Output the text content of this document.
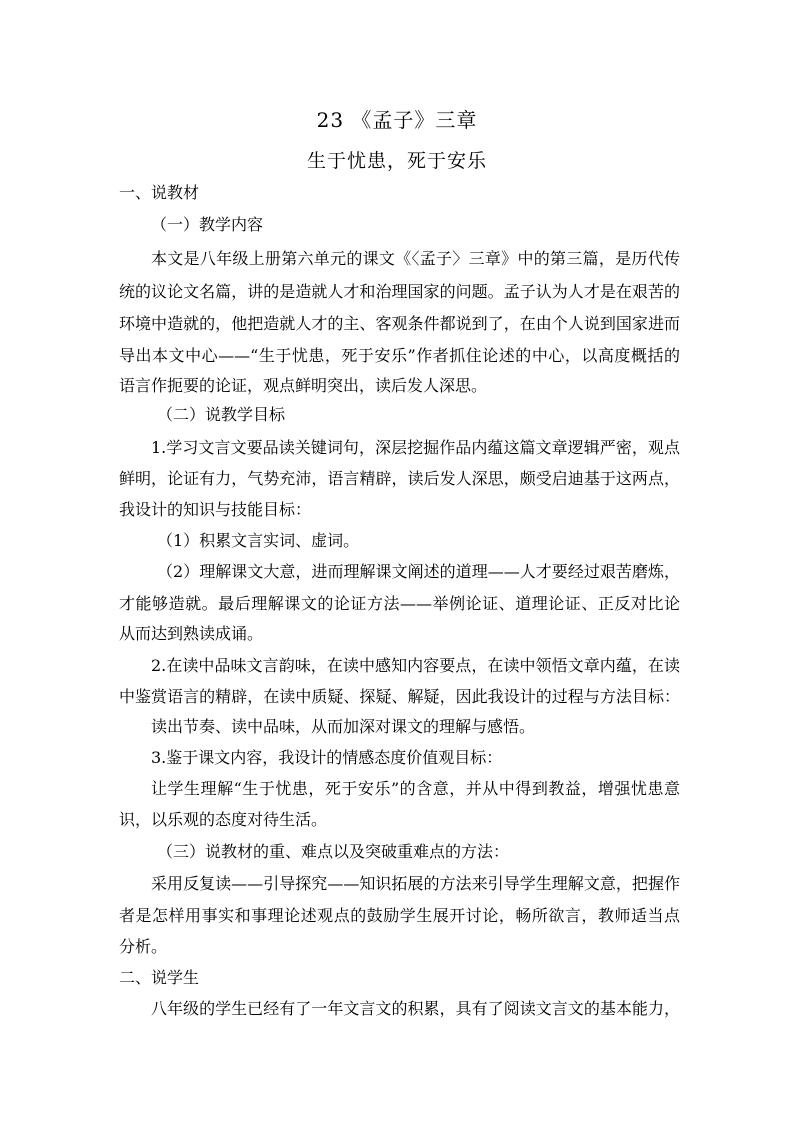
23 《孟子》三章
生于忧患，死于安乐
一、说教材
（一）教学内容
本文是八年级上册第六单元的课文《〈孟子〉三章》中的第三篇，是历代传
统的议论文名篇，讲的是造就人才和治理国家的问题。孟子认为人才是在艰苦的
环境中造就的，他把造就人才的主、客观条件都说到了，在由个人说到国家进而
导出本文中心——“生于忧患，死于安乐”作者抓住论述的中心，以高度概括的
语言作扼要的论证，观点鲜明突出，读后发人深思。
（二）说教学目标
1.学习文言文要品读关键词句，深层挖掘作品内蕴这篇文章逻辑严密，观点
鲜明，论证有力，气势充沛，语言精辟，读后发人深思，颇受启迪基于这两点，
我设计的知识与技能目标：
（1）积累文言实词、虚词。
（2）理解课文大意，进而理解课文阐述的道理——人才要经过艰苦磨炼，
才能够造就。最后理解课文的论证方法——举例论证、道理论证、正反对比论
从而达到熟读成诵。
2.在读中品味文言韵味，在读中感知内容要点，在读中领悟文章内蕴，在读
中鉴赏语言的精辟，在读中质疑、探疑、解疑，因此我设计的过程与方法目标：
读出节奏、读中品味，从而加深对课文的理解与感悟。
3.鉴于课文内容，我设计的情感态度价值观目标：
让学生理解“生于忧患，死于安乐”的含意，并从中得到教益，增强忧患意
识，以乐观的态度对待生活。
（三）说教材的重、难点以及突破重难点的方法：
采用反复读——引导探究——知识拓展的方法来引导学生理解文意，把握作
者是怎样用事实和事理论述观点的鼓励学生展开讨论，畅所欲言，教师适当点
分析。
二、说学生
八年级的学生已经有了一年文言文的积累，具有了阅读文言文的基本能力，
